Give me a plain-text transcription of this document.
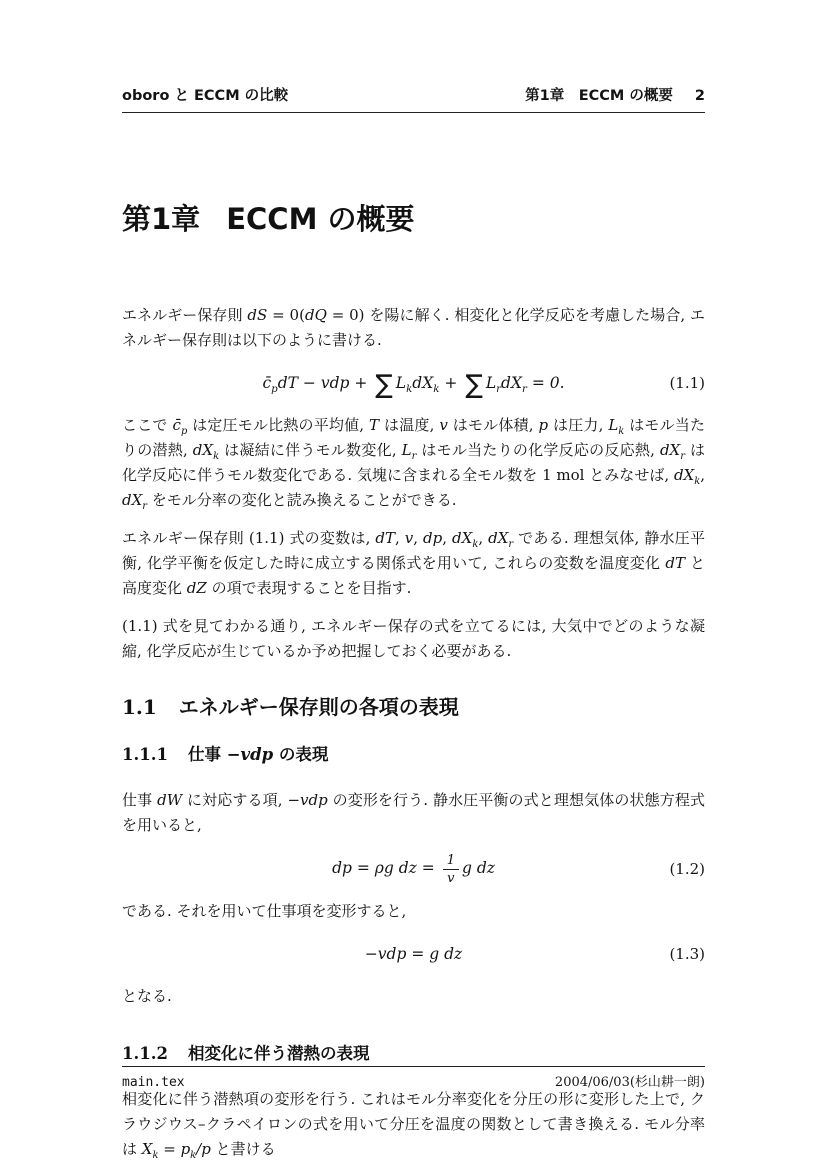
oboro と ECCM の比較	第1章　ECCM の概要 2
第1章 ECCM の概要

エネルギー保存則 dS = 0(dQ = 0) を陽に解く. 相変化と化学反応を考慮した場合, エネルギー保存則は以下のように書ける.

$c̄_pdT$ − vdp + ∑ $L_kdX_k$ + ∑ $L_rdX_r = 0$.	(1.1)

ここで $c̄_p$ は定圧モル比熱の平均値, T は温度, v はモル体積, p は圧力, $L_k$ はモル当たりの潜熱, $dX_k$ は凝結に伴うモル数変化, $L_r$ はモル当たりの化学反応の反応熱, $dX_r$ は化学反応に伴うモル数変化である. 気塊に含まれる全モル数を 1 mol とみなせば, $dX_k$, $dX_r$ をモル分率の変化と読み換えることができる.

エネルギー保存則 (1.1) 式の変数は, dT, v, dp, $dX_k$, $dX_r$ である. 理想気体, 静水圧平衡, 化学平衡を仮定した時に成立する関係式を用いて, これらの変数を温度変化 dT と高度変化 dZ の項で表現することを目指す.

(1.1) 式を見てわかる通り, エネルギー保存の式を立てるには, 大気中でどのような凝縮, 化学反応が生じているか予め把握しておく必要がある.

1.1 エネルギー保存則の各項の表現
1.1.1 仕事 −vdp の表現

仕事 dW に対応する項, −vdp の変形を行う. 静水圧平衡の式と理想気体の状態方程式を用いると,

dp = ρg dz = $\frac{1}{v}$ g dz	(1.2)

である. それを用いて仕事項を変形すると,

−vdp = g dz	(1.3)

となる.

1.1.2 相変化に伴う潜熱の表現

相変化に伴う潜熱項の変形を行う. これはモル分率変化を分圧の形に変形した上で, クラウジウス–クラペイロンの式を用いて分圧を温度の関数として書き換える. モル分率は $X_k = p_k/p$ と書ける

main.tex	2004/06/03(杉山耕一朗)
